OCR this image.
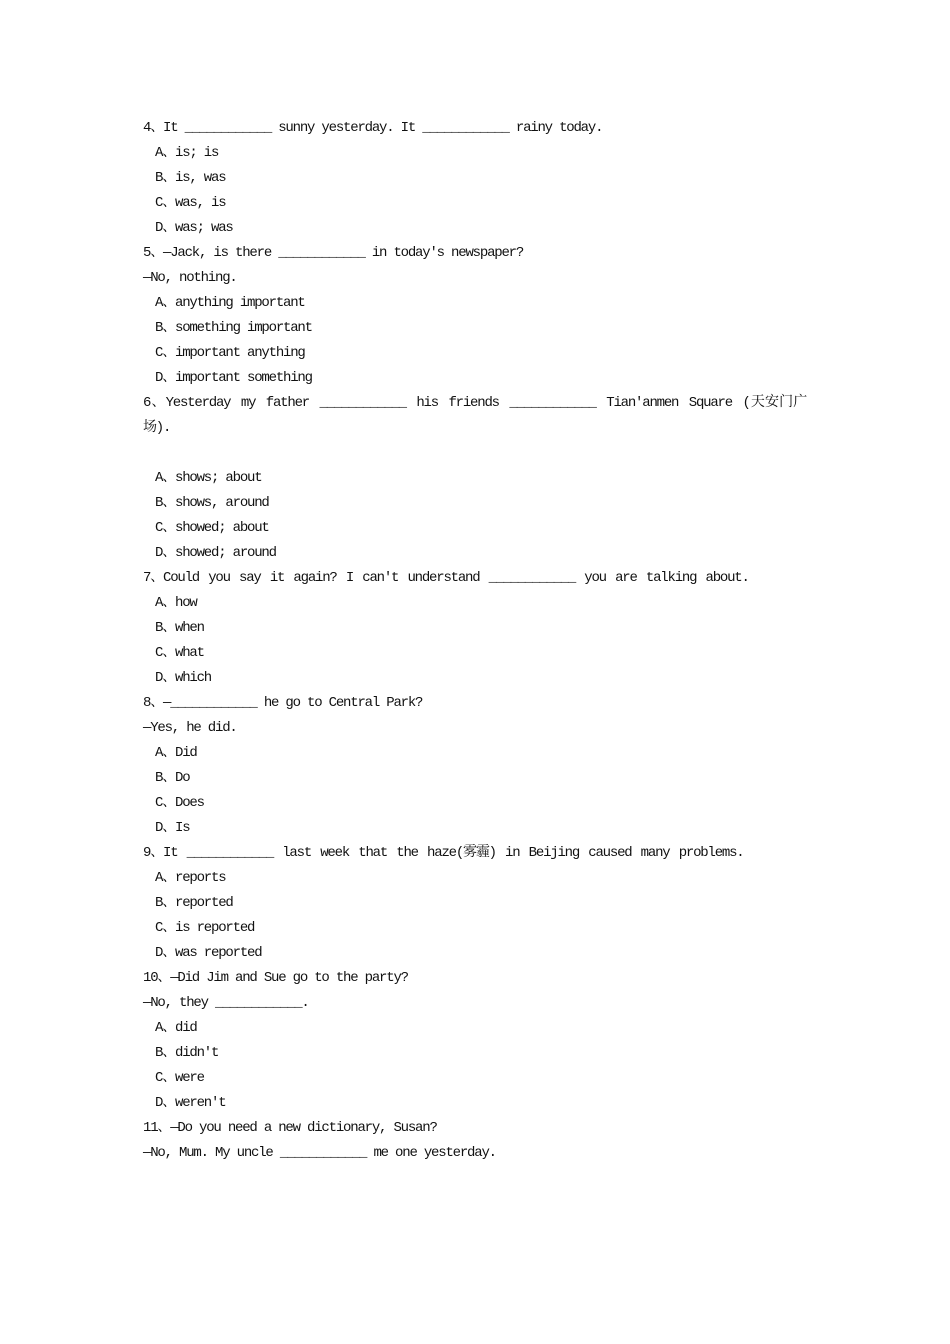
4、It ____________ sunny yesterday. It ____________ rainy today.
A、is; is
B、is, was
C、was, is
D、was; was
5、—Jack, is there ____________ in today's newspaper?
—No, nothing.
A、anything important
B、something important
C、important anything
D、important something
6、Yesterday my father ____________ his friends ____________ Tian'anmen Square (天安门广场).
A、shows; about
B、shows, around
C、showed; about
D、showed; around
7、Could you say it again? I can't understand ____________ you are talking about.
A、how
B、when
C、what
D、which
8、—____________ he go to Central Park?
—Yes, he did.
A、Did
B、Do
C、Does
D、Is
9、It ____________ last week that the haze(雾霾) in Beijing caused many problems.
A、reports
B、reported
C、is reported
D、was reported
10、—Did Jim and Sue go to the party?
—No, they ____________.
A、did
B、didn't
C、were
D、weren't
11、—Do you need a new dictionary, Susan?
—No, Mum. My uncle ____________ me one yesterday.
